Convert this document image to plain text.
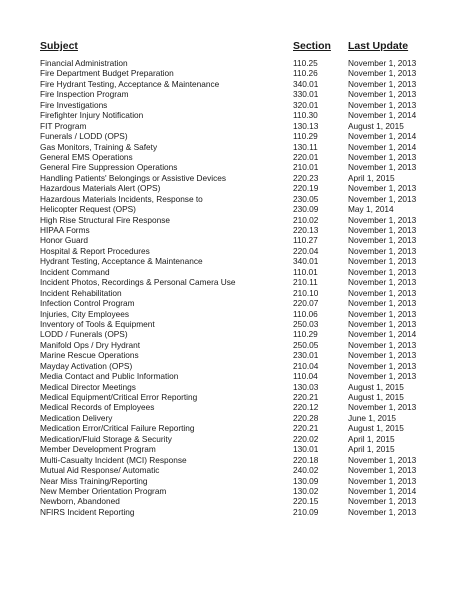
Subject	Section	Last Update
Financial Administration	110.25	November 1, 2013
Fire Department Budget Preparation	110.26	November 1, 2013
Fire Hydrant Testing, Acceptance & Maintenance	340.01	November 1, 2013
Fire Inspection Program	330.01	November 1, 2013
Fire Investigations	320.01	November 1, 2013
Firefighter Injury Notification	110.30	November 1, 2014
FIT Program	130.13	August 1, 2015
Funerals / LODD (OPS)	110.29	November 1, 2014
Gas Monitors, Training & Safety	130.11	November 1, 2014
General EMS Operations	220.01	November 1, 2013
General Fire Suppression Operations	210.01	November 1, 2013
Handling Patients' Belongings or Assistive Devices	220.23	April 1, 2015
Hazardous Materials Alert (OPS)	220.19	November 1, 2013
Hazardous Materials Incidents, Response to	230.05	November 1, 2013
Helicopter Request (OPS)	230.09	May 1, 2014
High Rise Structural Fire Response	210.02	November 1, 2013
HIPAA Forms	220.13	November 1, 2013
Honor Guard	110.27	November 1, 2013
Hospital & Report Procedures	220.04	November 1, 2013
Hydrant Testing, Acceptance & Maintenance	340.01	November 1, 2013
Incident Command	110.01	November 1, 2013
Incident Photos, Recordings & Personal Camera Use	210.11	November 1, 2013
Incident Rehabilitation	210.10	November 1, 2013
Infection Control Program	220.07	November 1, 2013
Injuries, City Employees	110.06	November 1, 2013
Inventory of Tools & Equipment	250.03	November 1, 2013
LODD / Funerals (OPS)	110.29	November 1, 2014
Manifold Ops / Dry Hydrant	250.05	November 1, 2013
Marine Rescue Operations	230.01	November 1, 2013
Mayday Activation (OPS)	210.04	November 1, 2013
Media Contact and Public Information	110.04	November 1, 2013
Medical Director Meetings	130.03	August 1, 2015
Medical Equipment/Critical Error Reporting	220.21	August 1, 2015
Medical Records of Employees	220.12	November 1, 2013
Medication Delivery	220.28	June 1, 2015
Medication Error/Critical Failure Reporting	220.21	August 1, 2015
Medication/Fluid Storage & Security	220.02	April 1, 2015
Member Development Program	130.01	April 1, 2015
Multi-Casualty Incident (MCI) Response	220.18	November 1, 2013
Mutual Aid Response/ Automatic	240.02	November 1, 2013
Near Miss Training/Reporting	130.09	November 1, 2013
New Member Orientation Program	130.02	November 1, 2014
Newborn, Abandoned	220.15	November 1, 2013
NFIRS Incident Reporting	210.09	November 1, 2013
